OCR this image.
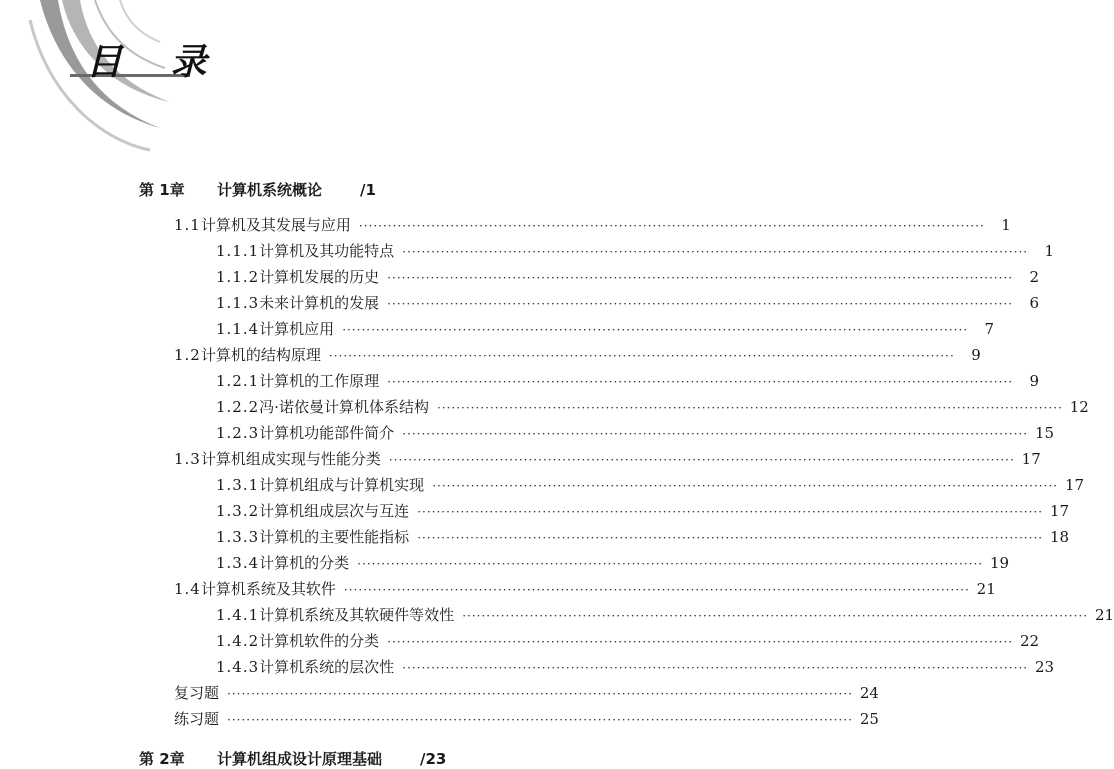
目 录
第 1章 计算机系统概论	/1
1.1 计算机及其发展与应用 ·····	1
1.1.1 计算机及其功能特点 ·····	1
1.1.2 计算机发展的历史 ·····	2
1.1.3 未来计算机的发展 ·····	6
1.1.4 计算机应用 ·····	7
1.2 计算机的结构原理 ·····	9
1.2.1 计算机的工作原理 ·····	9
1.2.2 冯·诺依曼计算机体系结构 ·····	12
1.2.3 计算机功能部件简介 ·····	15
1.3 计算机组成实现与性能分类 ·····	17
1.3.1 计算机组成与计算机实现 ·····	17
1.3.2 计算机组成层次与互连 ·····	17
1.3.3 计算机的主要性能指标 ·····	18
1.3.4 计算机的分类 ·····	19
1.4 计算机系统及其软件 ·····	21
1.4.1 计算机系统及其软硬件等效性 ·····	21
1.4.2 计算机软件的分类 ·····	22
1.4.3 计算机系统的层次性 ·····	23
复习题 ·····	24
练习题 ·····	25
第 2章 计算机组成设计原理基础	/23
